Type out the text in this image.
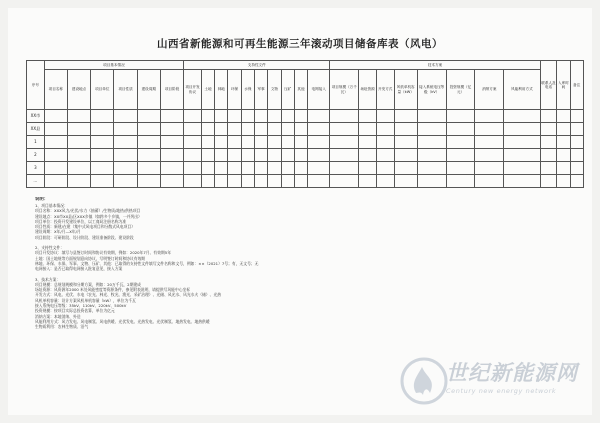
山西省新能源和可再生能源三年滚动项目储备库表（风电）
序号	项目基本情况						支持性文件										技术方案								联系人及电话	入库时间	备注
	项目名称	建设地点	项目单位	项目性质	建设周期	项目阶段	项目开发协议	土地	林地	环保	水保	军事	文物	压矿	其他	电网接入	项目规模（万千瓦）	场址资源	开发方式	风机单机容量（kW）	接入系统电压等级（kV）	投资规模（亿元）	消纳方案	风能利用方式			
XX市																											
XX县																											
1																											
2																											
3																											
…																											
说明：
1、项目基本情况：
项目名称：XXX风力/光伏/水力（抽蓄）/生物质/地热/供热项目
建设地点：XX市XX县/区XXX乡镇（如跨多个乡镇，一并列出）
项目单位：投资开发建设单位，以工商局注册名称为准
项目性质：新建/在建（集中式风电项目和分散式风电项目）
建设周期：X年/月—X年/月
项目阶段：可研阶段、设计阶段、建设准备阶段、建设阶段
2、支持性文件：
项目开发协议：填写与县签订时间和协议有效期，例如：2020年7月、有效期5年
土地：国土地规等方面规划意向协议，写明签订时间和协议有效期
林地、环保、水保、军事、文物、压矿、其他：已取得的支持性文件填写文件名称和文号，例如：××（2021）7号；有，无文号；无
电网接入：是否已取得电网接入批复意见，接入方案
3、技术方案：
项目规模：总规划规模和分期方案，例如：20万千瓦，2期建成
场址资源：风资源年2000 米处风能密度等资源条件，参见附表说明，请提供写风能中心坐标
开发方式：风电、光伏、水电（农光、林光、牧光、渔光、采矿治理）、光储、风光水、风光水火（储）、光热
风机单机容量：设计方案风机单机容量（kW），单位为千瓦
接入系统电压等级：35kV、110kV、220kV、500kV
投资规模：按项目实际总投资估算，单位为亿元
消纳方案：本地消纳、外送
风能利用方式：风力发电、风电制氢、风电供暖、光伏发电、光热发电、光伏制氢、地热发电、地热供暖
生物质利用：农林生物质、沼气
世纪新能源网
Century new energy network
